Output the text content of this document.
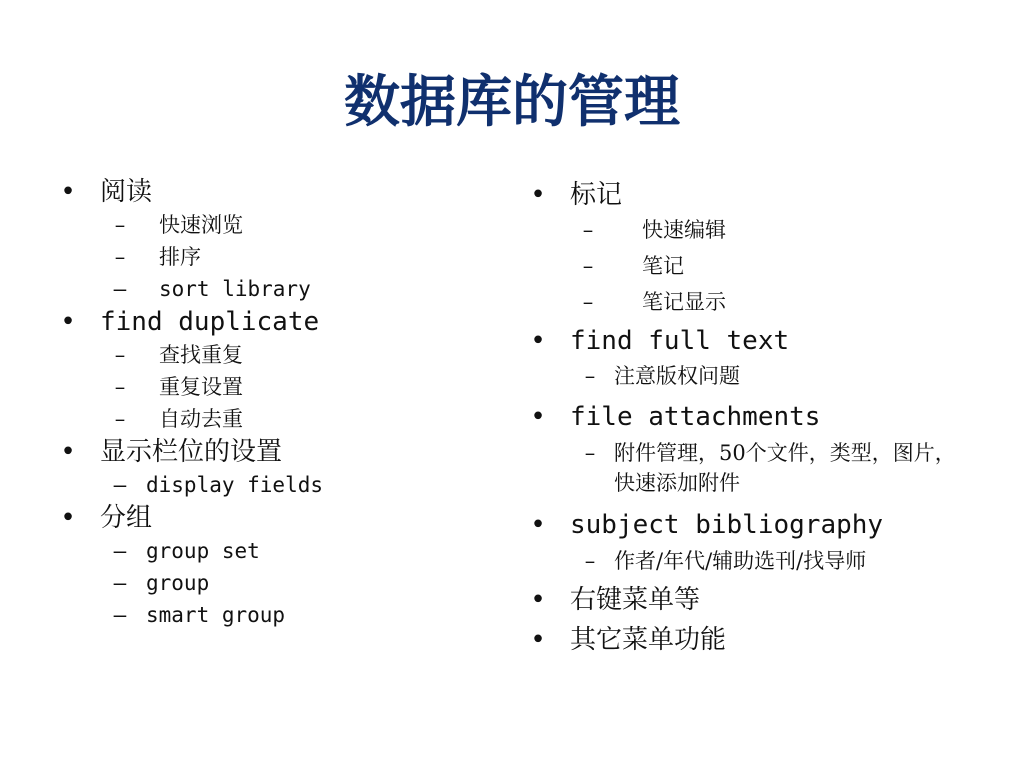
数据库的管理
• 阅读
– 快速浏览
– 排序
– sort library
• find duplicate
– 查找重复
– 重复设置
– 自动去重
• 显示栏位的设置
– display fields
• 分组
– group set
– group
– smart group
• 标记
– 快速编辑
– 笔记
– 笔记显示
• find full text
– 注意版权问题
• file attachments
– 附件管理，50个文件，类型，图片，快速添加附件
• subject bibliography
– 作者/年代/辅助选刊/找导师
• 右键菜单等
• 其它菜单功能
